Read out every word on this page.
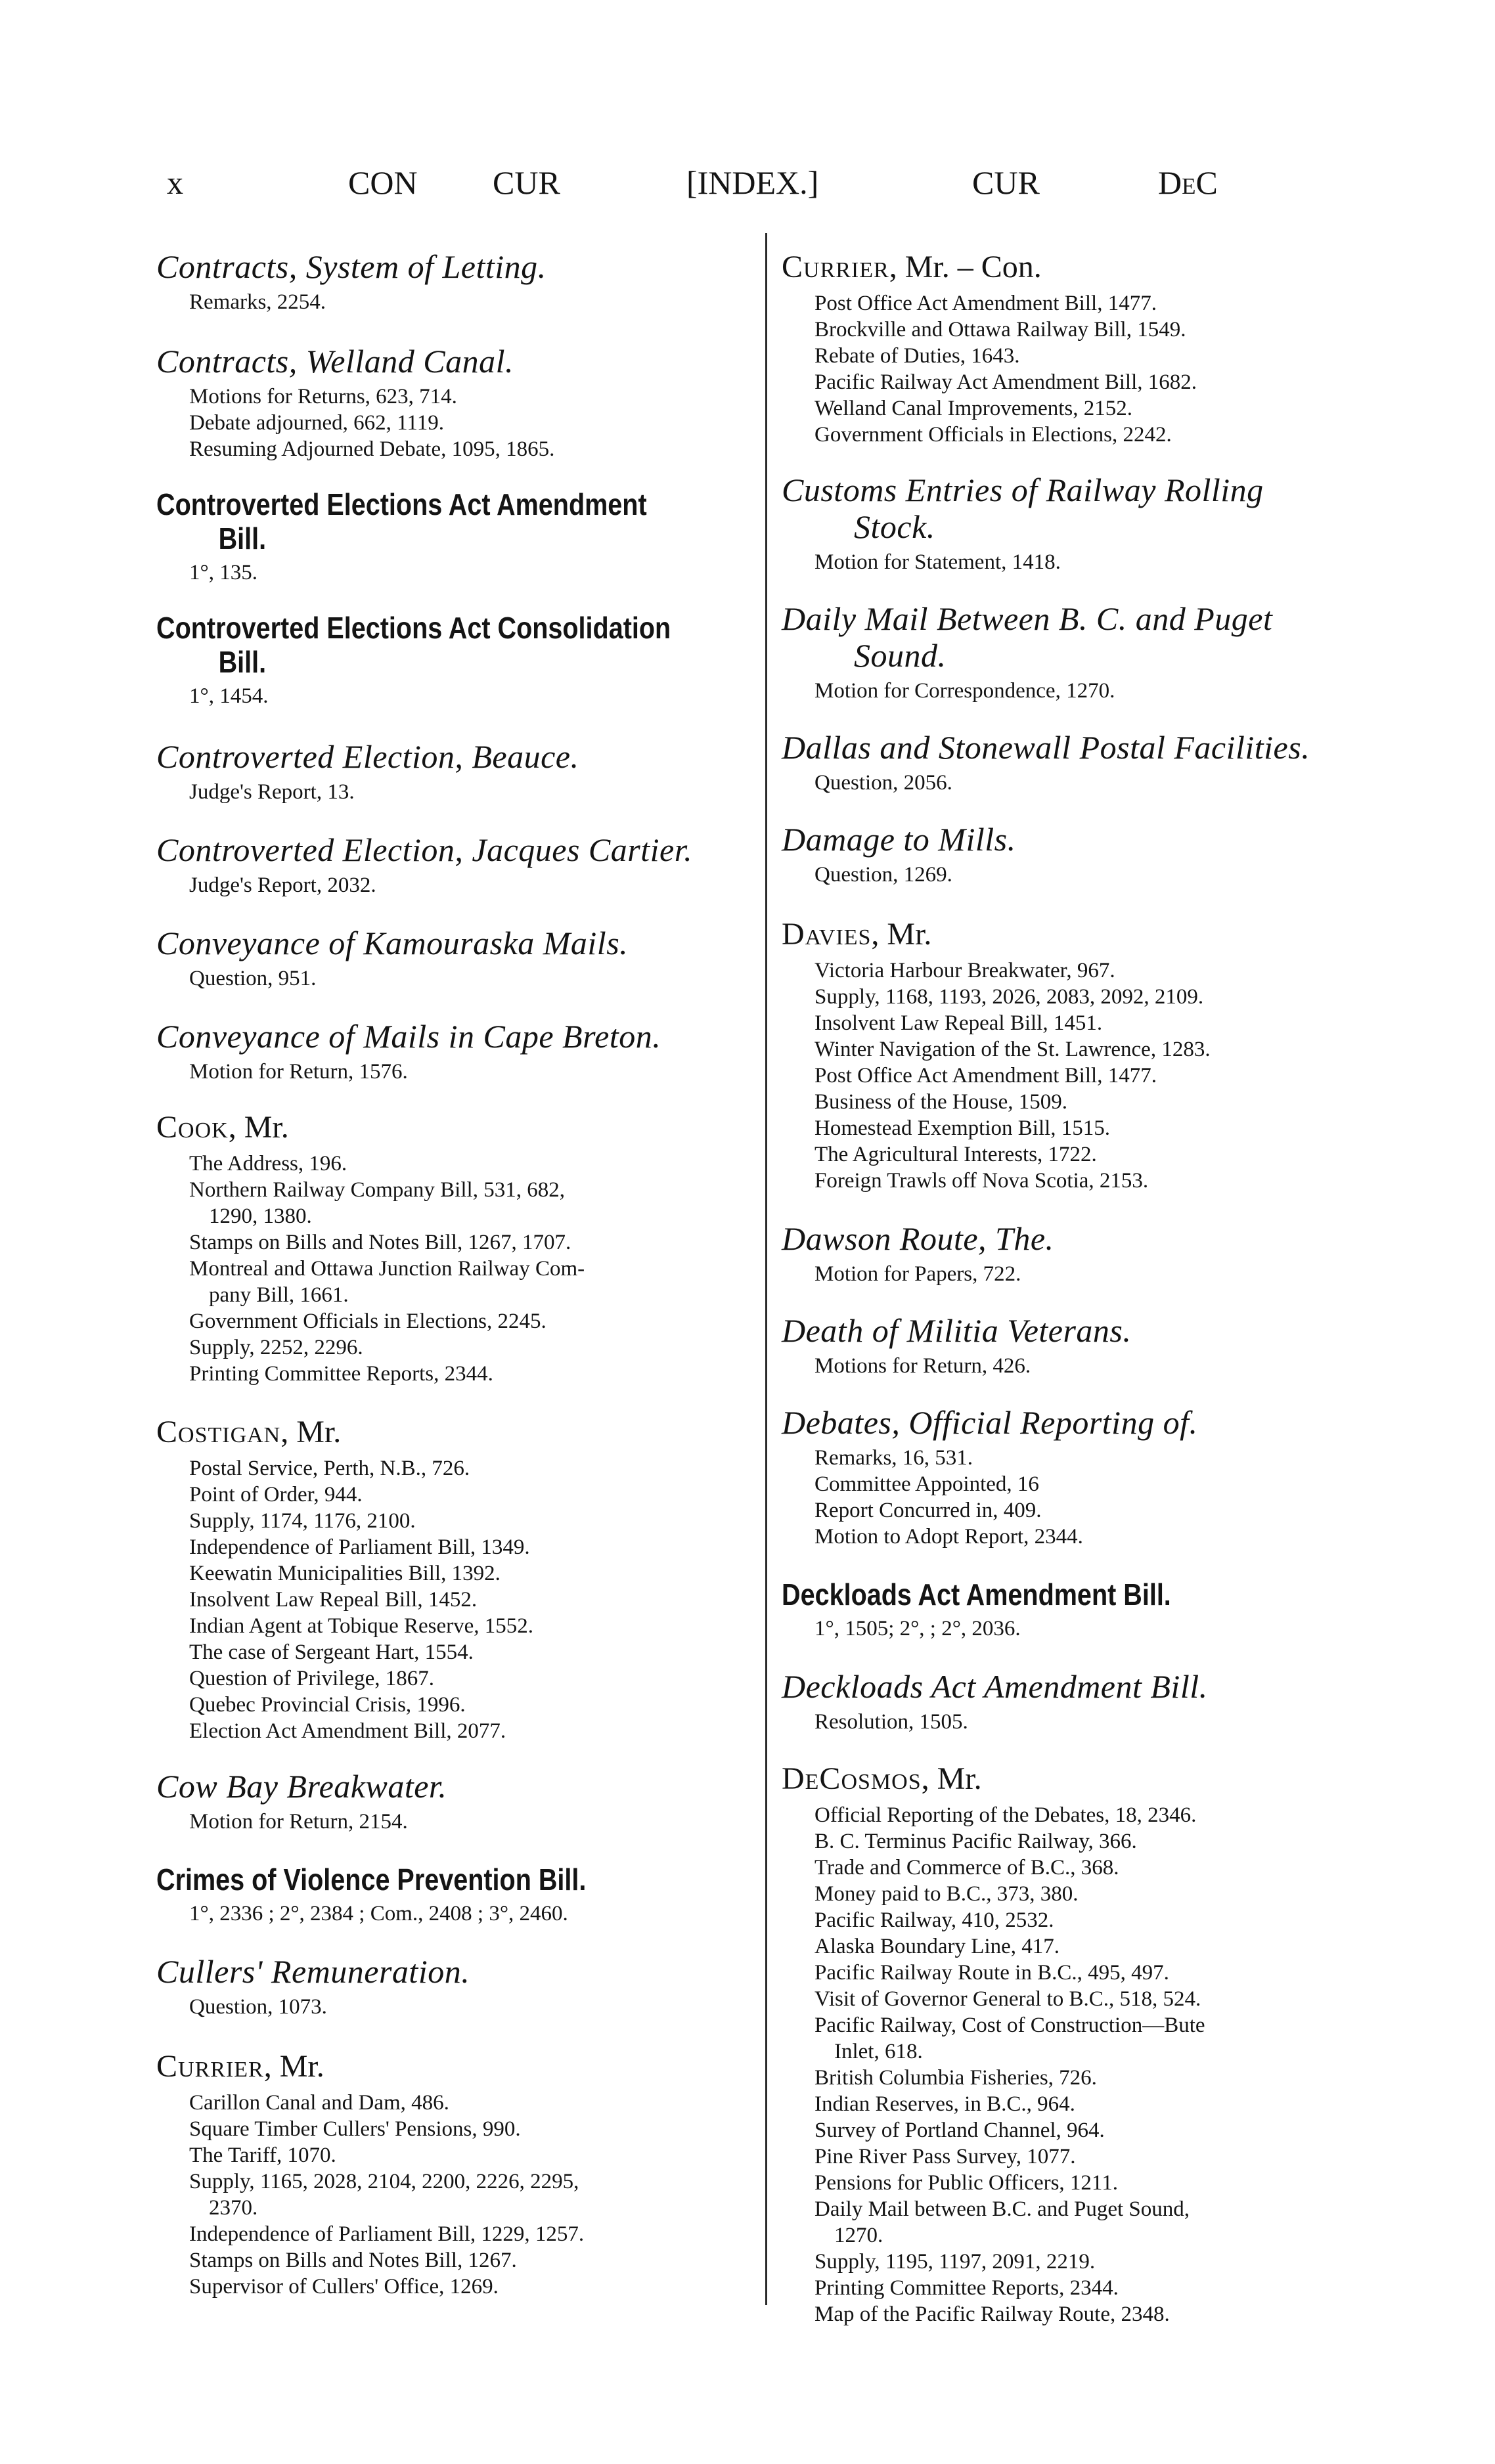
x	CON CUR	[INDEX.]	CUR	DeC
Contracts, System of Letting.
Remarks, 2254.
Contracts, Welland Canal.
Motions for Returns, 623, 714.
Debate adjourned, 662, 1119.
Resuming Adjourned Debate, 1095, 1865.
Controverted Elections Act Amendment
Bill.
1°, 135.
Controverted Elections Act Consolidation
Bill.
1°, 1454.
Controverted Election, Beauce.
Judge's Report, 13.
Controverted Election, Jacques Cartier.
Judge's Report, 2032.
Conveyance of Kamouraska Mails.
Question, 951.
Conveyance of Mails in Cape Breton.
Motion for Return, 1576.
Cook, Mr.
The Address, 196.
Northern Railway Company Bill, 531, 682,
1290, 1380.
Stamps on Bills and Notes Bill, 1267, 1707.
Montreal and Ottawa Junction Railway Com-
pany Bill, 1661.
Government Officials in Elections, 2245.
Supply, 2252, 2296.
Printing Committee Reports, 2344.
Costigan, Mr.
Postal Service, Perth, N.B., 726.
Point of Order, 944.
Supply, 1174, 1176, 2100.
Independence of Parliament Bill, 1349.
Keewatin Municipalities Bill, 1392.
Insolvent Law Repeal Bill, 1452.
Indian Agent at Tobique Reserve, 1552.
The case of Sergeant Hart, 1554.
Question of Privilege, 1867.
Quebec Provincial Crisis, 1996.
Election Act Amendment Bill, 2077.
Cow Bay Breakwater.
Motion for Return, 2154.
Crimes of Violence Prevention Bill.
1°, 2336 ; 2°, 2384 ; Com., 2408 ; 3°, 2460.
Cullers' Remuneration.
Question, 1073.
Currier, Mr.
Carillon Canal and Dam, 486.
Square Timber Cullers' Pensions, 990.
The Tariff, 1070.
Supply, 1165, 2028, 2104, 2200, 2226, 2295,
2370.
Independence of Parliament Bill, 1229, 1257.
Stamps on Bills and Notes Bill, 1267.
Supervisor of Cullers' Office, 1269.
Currier, Mr. – Con.
Post Office Act Amendment Bill, 1477.
Brockville and Ottawa Railway Bill, 1549.
Rebate of Duties, 1643.
Pacific Railway Act Amendment Bill, 1682.
Welland Canal Improvements, 2152.
Government Officials in Elections, 2242.
Customs Entries of Railway Rolling
Stock.
Motion for Statement, 1418.
Daily Mail Between B. C. and Puget
Sound.
Motion for Correspondence, 1270.
Dallas and Stonewall Postal Facilities.
Question, 2056.
Damage to Mills.
Question, 1269.
Davies, Mr.
Victoria Harbour Breakwater, 967.
Supply, 1168, 1193, 2026, 2083, 2092, 2109.
Insolvent Law Repeal Bill, 1451.
Winter Navigation of the St. Lawrence, 1283.
Post Office Act Amendment Bill, 1477.
Business of the House, 1509.
Homestead Exemption Bill, 1515.
The Agricultural Interests, 1722.
Foreign Trawls off Nova Scotia, 2153.
Dawson Route, The.
Motion for Papers, 722.
Death of Militia Veterans.
Motions for Return, 426.
Debates, Official Reporting of.
Remarks, 16, 531.
Committee Appointed, 16
Report Concurred in, 409.
Motion to Adopt Report, 2344.
Deckloads Act Amendment Bill.
1°, 1505; 2°, ; 2°, 2036.
Deckloads Act Amendment Bill.
Resolution, 1505.
DeCosmos, Mr.
Official Reporting of the Debates, 18, 2346.
B. C. Terminus Pacific Railway, 366.
Trade and Commerce of B.C., 368.
Money paid to B.C., 373, 380.
Pacific Railway, 410, 2532.
Alaska Boundary Line, 417.
Pacific Railway Route in B.C., 495, 497.
Visit of Governor General to B.C., 518, 524.
Pacific Railway, Cost of Construction—Bute
Inlet, 618.
British Columbia Fisheries, 726.
Indian Reserves, in B.C., 964.
Survey of Portland Channel, 964.
Pine River Pass Survey, 1077.
Pensions for Public Officers, 1211.
Daily Mail between B.C. and Puget Sound,
1270.
Supply, 1195, 1197, 2091, 2219.
Printing Committee Reports, 2344.
Map of the Pacific Railway Route, 2348.
